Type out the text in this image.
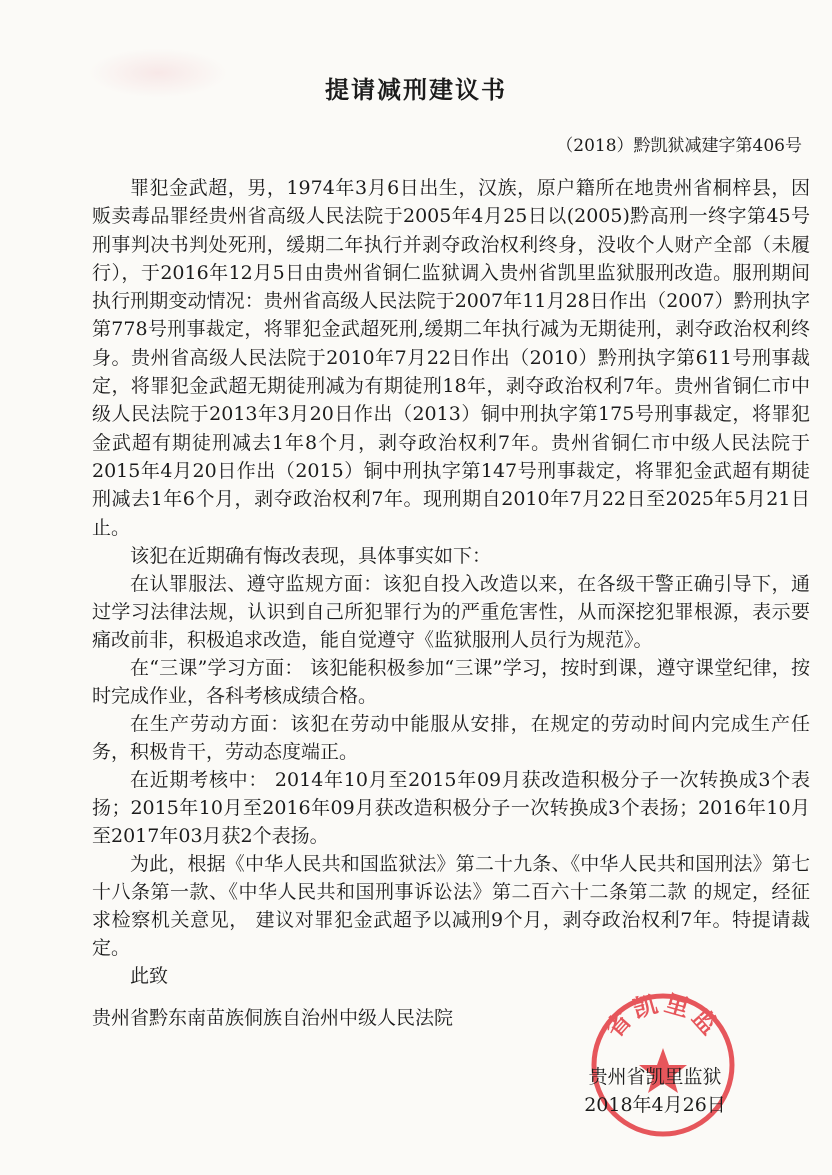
提请减刑建议书
（2018）黔凯狱减建字第406号

罪犯金武超，男，1974年3月6日出生，汉族，原户籍所在地贵州省桐梓县，因贩卖毒品罪经贵州省高级人民法院于2005年4月25日以(2005)黔高刑一终字第45号刑事判决书判处死刑，缓期二年执行并剥夺政治权利终身，没收个人财产全部（未履行），于2016年12月5日由贵州省铜仁监狱调入贵州省凯里监狱服刑改造。服刑期间执行刑期变动情况：贵州省高级人民法院于2007年11月28日作出（2007）黔刑执字第778号刑事裁定，将罪犯金武超死刑,缓期二年执行减为无期徒刑，剥夺政治权利终身。贵州省高级人民法院于2010年7月22日作出（2010）黔刑执字第611号刑事裁定，将罪犯金武超无期徒刑减为有期徒刑18年，剥夺政治权利7年。贵州省铜仁市中级人民法院于2013年3月20日作出（2013）铜中刑执字第175号刑事裁定，将罪犯金武超有期徒刑减去1年8个月，剥夺政治权利7年。贵州省铜仁市中级人民法院于2015年4月20日作出（2015）铜中刑执字第147号刑事裁定，将罪犯金武超有期徒刑减去1年6个月，剥夺政治权利7年。现刑期自2010年7月22日至2025年5月21日止。

该犯在近期确有悔改表现，具体事实如下：

在认罪服法、遵守监规方面：该犯自投入改造以来，在各级干警正确引导下，通过学习法律法规，认识到自己所犯罪行为的严重危害性，从而深挖犯罪根源，表示要痛改前非，积极追求改造，能自觉遵守《监狱服刑人员行为规范》。

在“三课”学习方面： 该犯能积极参加“三课”学习，按时到课，遵守课堂纪律，按时完成作业，各科考核成绩合格。

在生产劳动方面：该犯在劳动中能服从安排，在规定的劳动时间内完成生产任务，积极肯干，劳动态度端正。

在近期考核中： 2014年10月至2015年09月获改造积极分子一次转换成3个表扬；2015年10月至2016年09月获改造积极分子一次转换成3个表扬；2016年10月至2017年03月获2个表扬。

为此，根据《中华人民共和国监狱法》第二十九条、《中华人民共和国刑法》第七十八条第一款、《中华人民共和国刑事诉讼法》第二百六十二条第二款 的规定，经征求检察机关意见， 建议对罪犯金武超予以减刑9个月，剥夺政治权利7年。特提请裁定。

此致

贵州省黔东南苗族侗族自治州中级人民法院	省凯里监
贵州省凯里监狱
2018年4月26日
